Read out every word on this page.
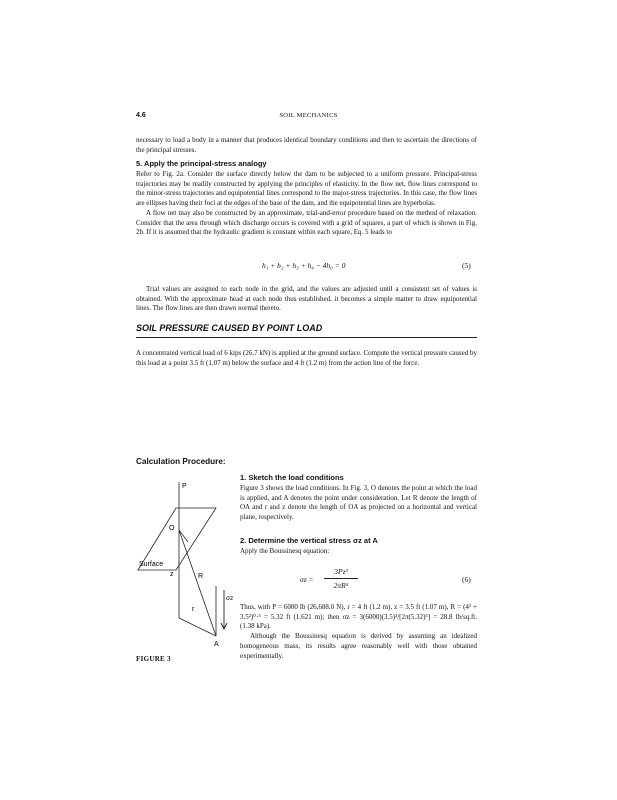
4.6	SOIL MECHANICS

necessary to load a body in a manner that produces identical boundary conditions and then to ascertain the directions of the principal stresses.

5. Apply the principal-stress analogy

Refer to Fig. 2a. Consider the surface directly below the dam to be subjected to a uniform pressure. Principal-stress trajectories may be readily constructed by applying the principles of elasticity. In the flow net, flow lines correspond to the minor-stress trajectories and equipotential lines correspond to the major-stress trajectories. In this case, the flow lines are ellipses having their foci at the edges of the base of the dam, and the equipotential lines are hyperbolas.

A flow net may also be constructed by an approximate, trial-and-error procedure based on the method of relaxation. Consider that the area through which discharge occurs is covered with a grid of squares, a part of which is shown in Fig. 2b. If it is assumed that the hydraulic gradient is constant within each square, Eq. 5 leads to

h₁ + h₂ + h₃ + h₄ − 4h₀ = 0	(5)

Trial values are assigned to each node in the grid, and the values are adjusted until a consistent set of values is obtained. With the approximate head at each node thus established, it becomes a simple matter to draw equipotential lines. The flow lines are then drawn normal thereto.

SOIL PRESSURE CAUSED BY POINT LOAD

A concentrated vertical load of 6 kips (26.7 kN) is applied at the ground surface. Compute the vertical pressure caused by this load at a point 3.5 ft (1.07 m) below the surface and 4 ft (1.2 m) from the action line of the force.

Calculation Procedure:
P
O
Surface
z	R
r
σz
A
FIGURE 3
1. Sketch the load conditions

Figure 3 shows the load conditions. In Fig. 3, O denotes the point at which the load is applied, and A denotes the point under consideration. Let R denote the length of OA and r and z denote the length of OA as projected on a horizontal and vertical plane, respectively.

2. Determine the vertical stress σz at A

Apply the Boussinesq equation:

σz =
3Pz³
2πR⁵
(6)

Thus, with P = 6000 lb (26,688.0 N), r = 4 ft (1.2 m), z = 3.5 ft (1.07 m), R = (4² + 3.5²)⁰·⁵ = 5.32 ft (1.621 m); then σz = 3(6000)(3.5)³/[2π(5.32)⁵] = 28.8 lb/sq.ft. (1.38 kPa).

Although the Boussinesq equation is derived by assuming an idealized homogeneous mass, its results agree reasonably well with those obtained experimentally.
